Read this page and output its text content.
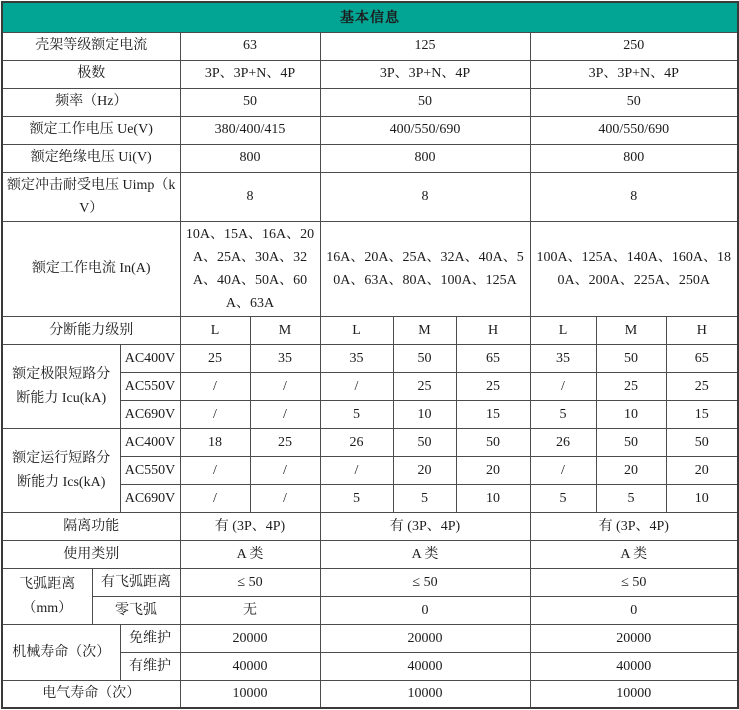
基本信息										
壳架等级额定电流			63		125			250		
极数			3P、3P+N、4P		3P、3P+N、4P			3P、3P+N、4P		
频率（Hz）			50		50			50		
额定工作电压 Ue(V)			380/400/415		400/550/690			400/550/690		
额定绝缘电压 Ui(V)			800		800			800		
额定冲击耐受电压 Uimp（kV）			8		8			8		
额定工作电流 In(A)			10A、15A、16A、20A、25A、30A、32A、40A、50A、60A、63A		16A、20A、25A、32A、40A、50A、63A、80A、100A、125A			100A、125A、140A、160A、180A、200A、225A、250A		
分断能力级别			L	M	L	M	H	L	M	H
额定极限短路分断能力 Icu(kA)		AC400V	25	35	35	50	65	35	50	65
		AC550V	/	/	/	25	25	/	25	25
		AC690V	/	/	5	10	15	5	10	15
额定运行短路分断能力 Ics(kA)		AC400V	18	25	26	50	50	26	50	50
		AC550V	/	/	/	20	20	/	20	20
		AC690V	/	/	5	5	10	5	5	10
隔离功能			有 (3P、4P)		有 (3P、4P)			有 (3P、4P)		
使用类别			A 类		A 类			A 类		
飞弧距离（mm）	有飞弧距离		≤ 50		≤ 50			≤ 50		
	零飞弧		无		0			0		
机械寿命（次）		免维护	20000		20000			20000		
		有维护	40000		40000			40000		
电气寿命（次）			10000		10000			10000		
